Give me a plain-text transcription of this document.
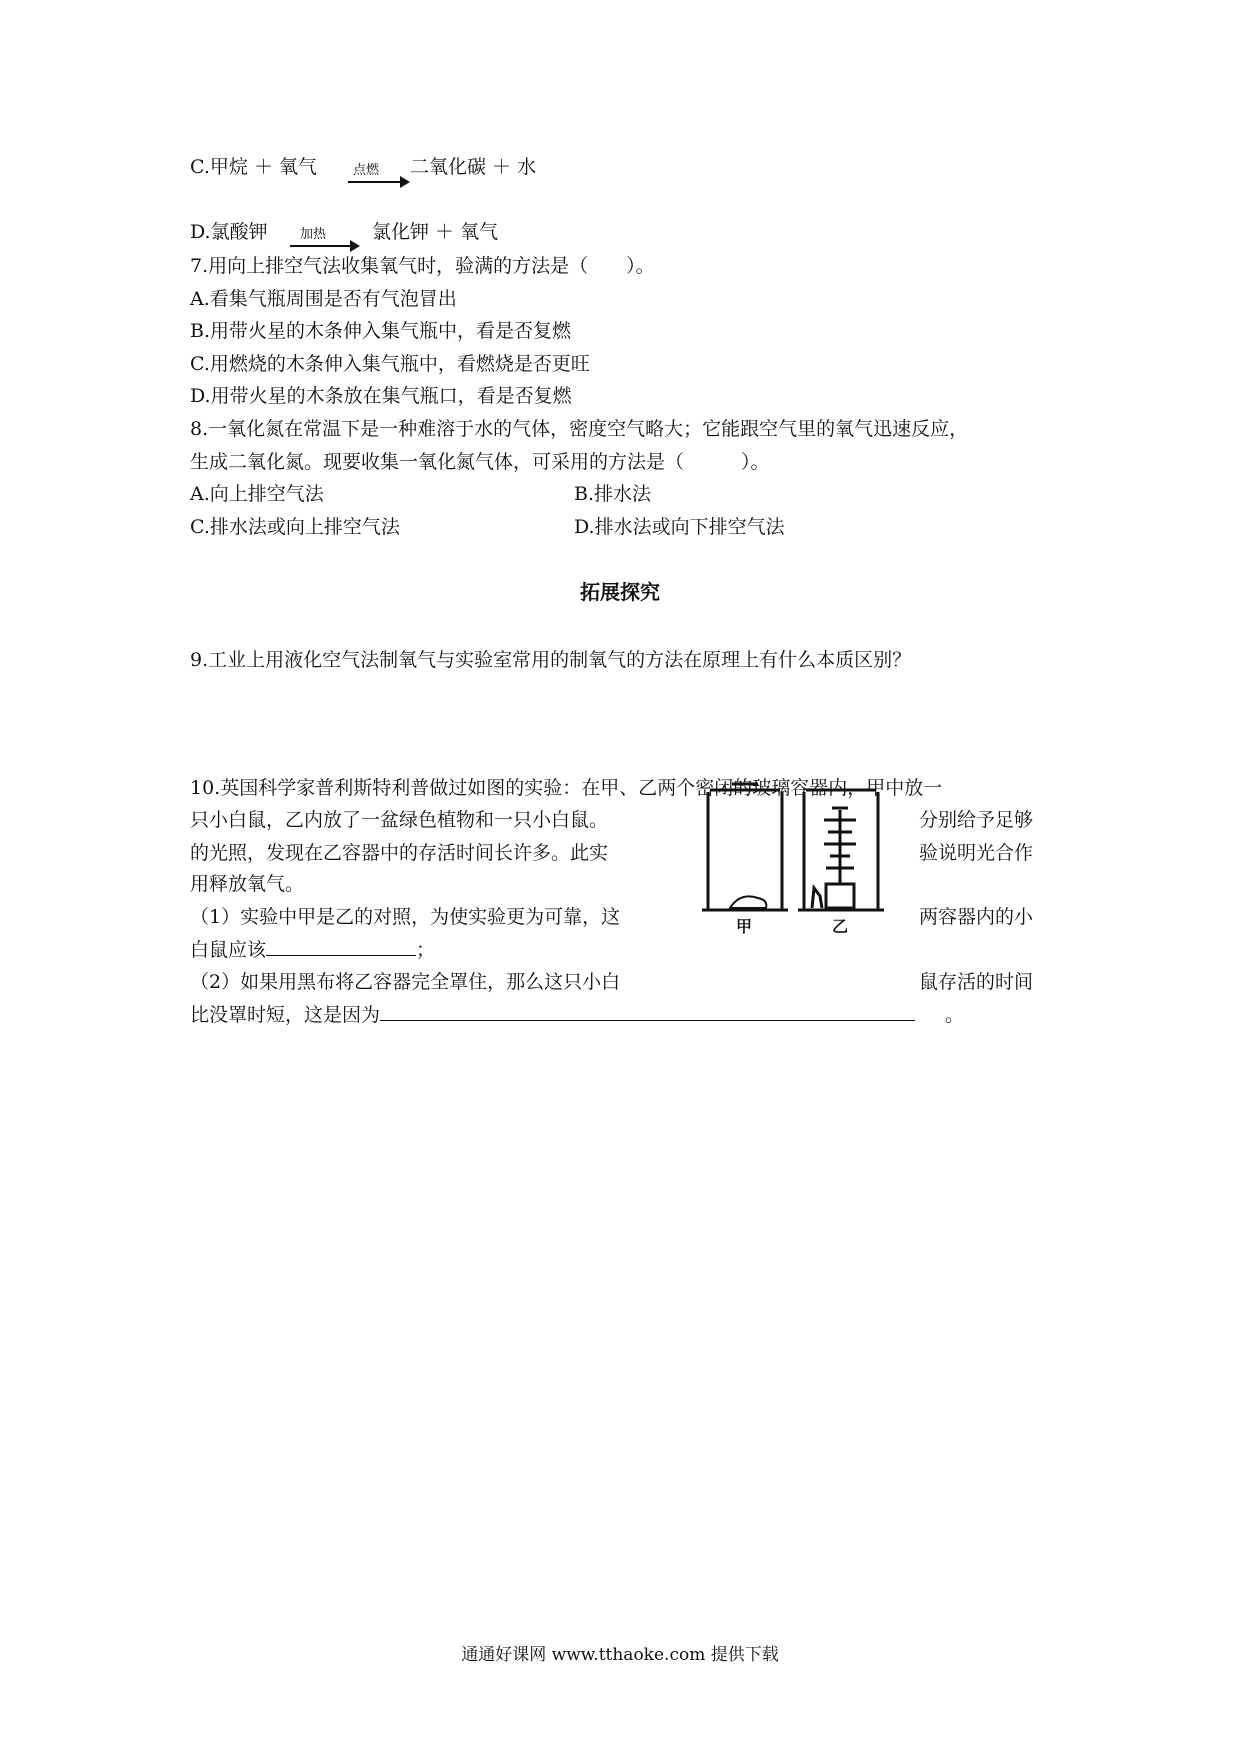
C.甲烷 ＋ 氧气	点燃 二氧化碳 ＋ 水
D.氯酸钾 加热 氯化钾 ＋ 氧气
7.用向上排空气法收集氧气时，验满的方法是（　　）。
A.看集气瓶周围是否有气泡冒出
B.用带火星的木条伸入集气瓶中，看是否复燃
C.用燃烧的木条伸入集气瓶中，看燃烧是否更旺
D.用带火星的木条放在集气瓶口，看是否复燃
8.一氧化氮在常温下是一种难溶于水的气体，密度空气略大；它能跟空气里的氧气迅速反应，
生成二氧化氮。现要收集一氧化氮气体，可采用的方法是（　　　）。
A.向上排空气法	B.排水法
C.排水法或向上排空气法	D.排水法或向下排空气法
拓展探究
9.工业上用液化空气法制氧气与实验室常用的制氧气的方法在原理上有什么本质区别？
10.英国科学家普利斯特利普做过如图的实验：在甲、乙两个密闭的玻璃容器内，甲中放一
只小白鼠，乙内放了一盆绿色植物和一只小白鼠。	分别给予足够
的光照，发现在乙容器中的存活时间长许多。此实	验说明光合作
用释放氧气。
（1）实验中甲是乙的对照，为使实验更为可靠，这	两容器内的小
白鼠应该	；
（2）如果用黑布将乙容器完全罩住，那么这只小白	鼠存活的时间
比没罩时短，这是因为	。
甲	乙
通通好课网 www.tthaoke.com 提供下载
